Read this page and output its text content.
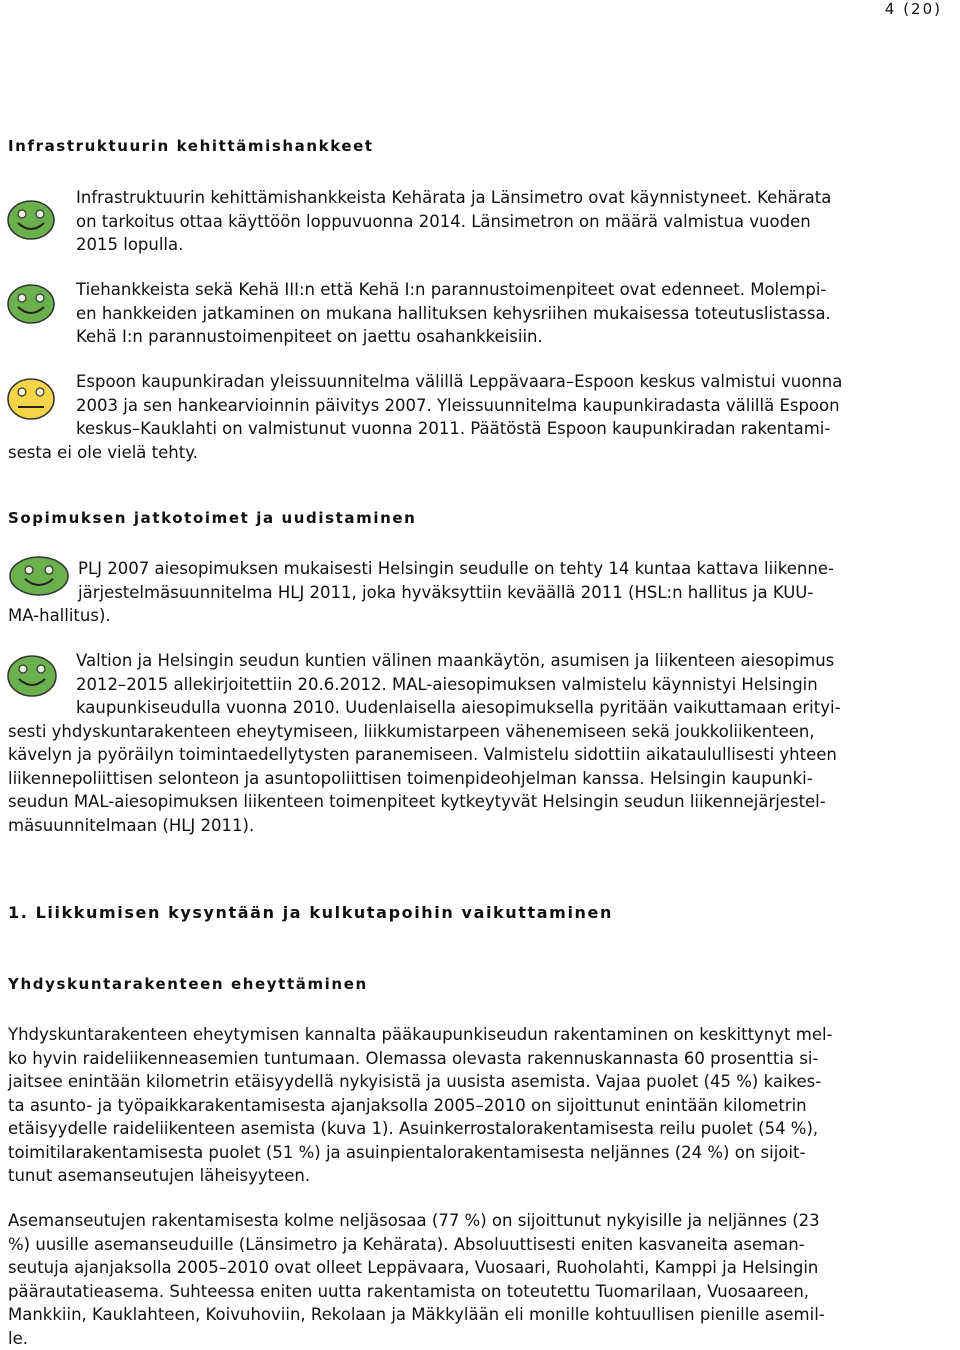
4 (20)
Infrastruktuurin kehittämishankkeet
Infrastruktuurin kehittämishankkeista Kehärata ja Länsimetro ovat käynnistyneet. Kehärata
on tarkoitus ottaa käyttöön loppuvuonna 2014. Länsimetron on määrä valmistua vuoden
2015 lopulla.
Tiehankkeista sekä Kehä III:n että Kehä I:n parannustoimenpiteet ovat edenneet. Molempi-
en hankkeiden jatkaminen on mukana hallituksen kehysriihen mukaisessa toteutuslistassa.
Kehä I:n parannustoimenpiteet on jaettu osahankkeisiin.
Espoon kaupunkiradan yleissuunnitelma välillä Leppävaara–Espoon keskus valmistui vuonna
2003 ja sen hankearvioinnin päivitys 2007. Yleissuunnitelma kaupunkiradasta välillä Espoon
keskus–Kauklahti on valmistunut vuonna 2011. Päätöstä Espoon kaupunkiradan rakentami-
sesta ei ole vielä tehty.
Sopimuksen jatkotoimet ja uudistaminen
PLJ 2007 aiesopimuksen mukaisesti Helsingin seudulle on tehty 14 kuntaa kattava liikenne-
järjestelmäsuunnitelma HLJ 2011, joka hyväksyttiin keväällä 2011 (HSL:n hallitus ja KUU-
MA-hallitus).
Valtion ja Helsingin seudun kuntien välinen maankäytön, asumisen ja liikenteen aiesopimus
2012–2015 allekirjoitettiin 20.6.2012. MAL-aiesopimuksen valmistelu käynnistyi Helsingin
kaupunkiseudulla vuonna 2010. Uudenlaisella aiesopimuksella pyritään vaikuttamaan erityi-
sesti yhdyskuntarakenteen eheytymiseen, liikkumistarpeen vähenemiseen sekä joukkoliikenteen,
kävelyn ja pyöräilyn toimintaedellytysten paranemiseen. Valmistelu sidottiin aikataulullisesti yhteen
liikennepoliittisen selonteon ja asuntopoliittisen toimenpideohjelman kanssa. Helsingin kaupunki-
seudun MAL-aiesopimuksen liikenteen toimenpiteet kytkeytyvät Helsingin seudun liikennejärjestel-
mäsuunnitelmaan (HLJ 2011).
1. Liikkumisen kysyntään ja kulkutapoihin vaikuttaminen
Yhdyskuntarakenteen eheyttäminen
Yhdyskuntarakenteen eheytymisen kannalta pääkaupunkiseudun rakentaminen on keskittynyt mel-
ko hyvin raideliikenneasemien tuntumaan. Olemassa olevasta rakennuskannasta 60 prosenttia si-
jaitsee enintään kilometrin etäisyydellä nykyisistä ja uusista asemista. Vajaa puolet (45 %) kaikes-
ta asunto- ja työpaikkarakentamisesta ajanjaksolla 2005–2010 on sijoittunut enintään kilometrin
etäisyydelle raideliikenteen asemista (kuva 1). Asuinkerrostalorakentamisesta reilu puolet (54 %),
toimitilarakentamisesta puolet (51 %) ja asuinpientalorakentamisesta neljännes (24 %) on sijoit-
tunut asemanseutujen läheisyyteen.
Asemanseutujen rakentamisesta kolme neljäsosaa (77 %) on sijoittunut nykyisille ja neljännes (23
%) uusille asemanseuduille (Länsimetro ja Kehärata). Absoluuttisesti eniten kasvaneita aseman-
seutuja ajanjaksolla 2005–2010 ovat olleet Leppävaara, Vuosaari, Ruoholahti, Kamppi ja Helsingin
päärautatieasema. Suhteessa eniten uutta rakentamista on toteutettu Tuomarilaan, Vuosaareen,
Mankkiin, Kauklahteen, Koivuhoviin, Rekolaan ja Mäkkylään eli monille kohtuullisen pienille asemil-
le.
